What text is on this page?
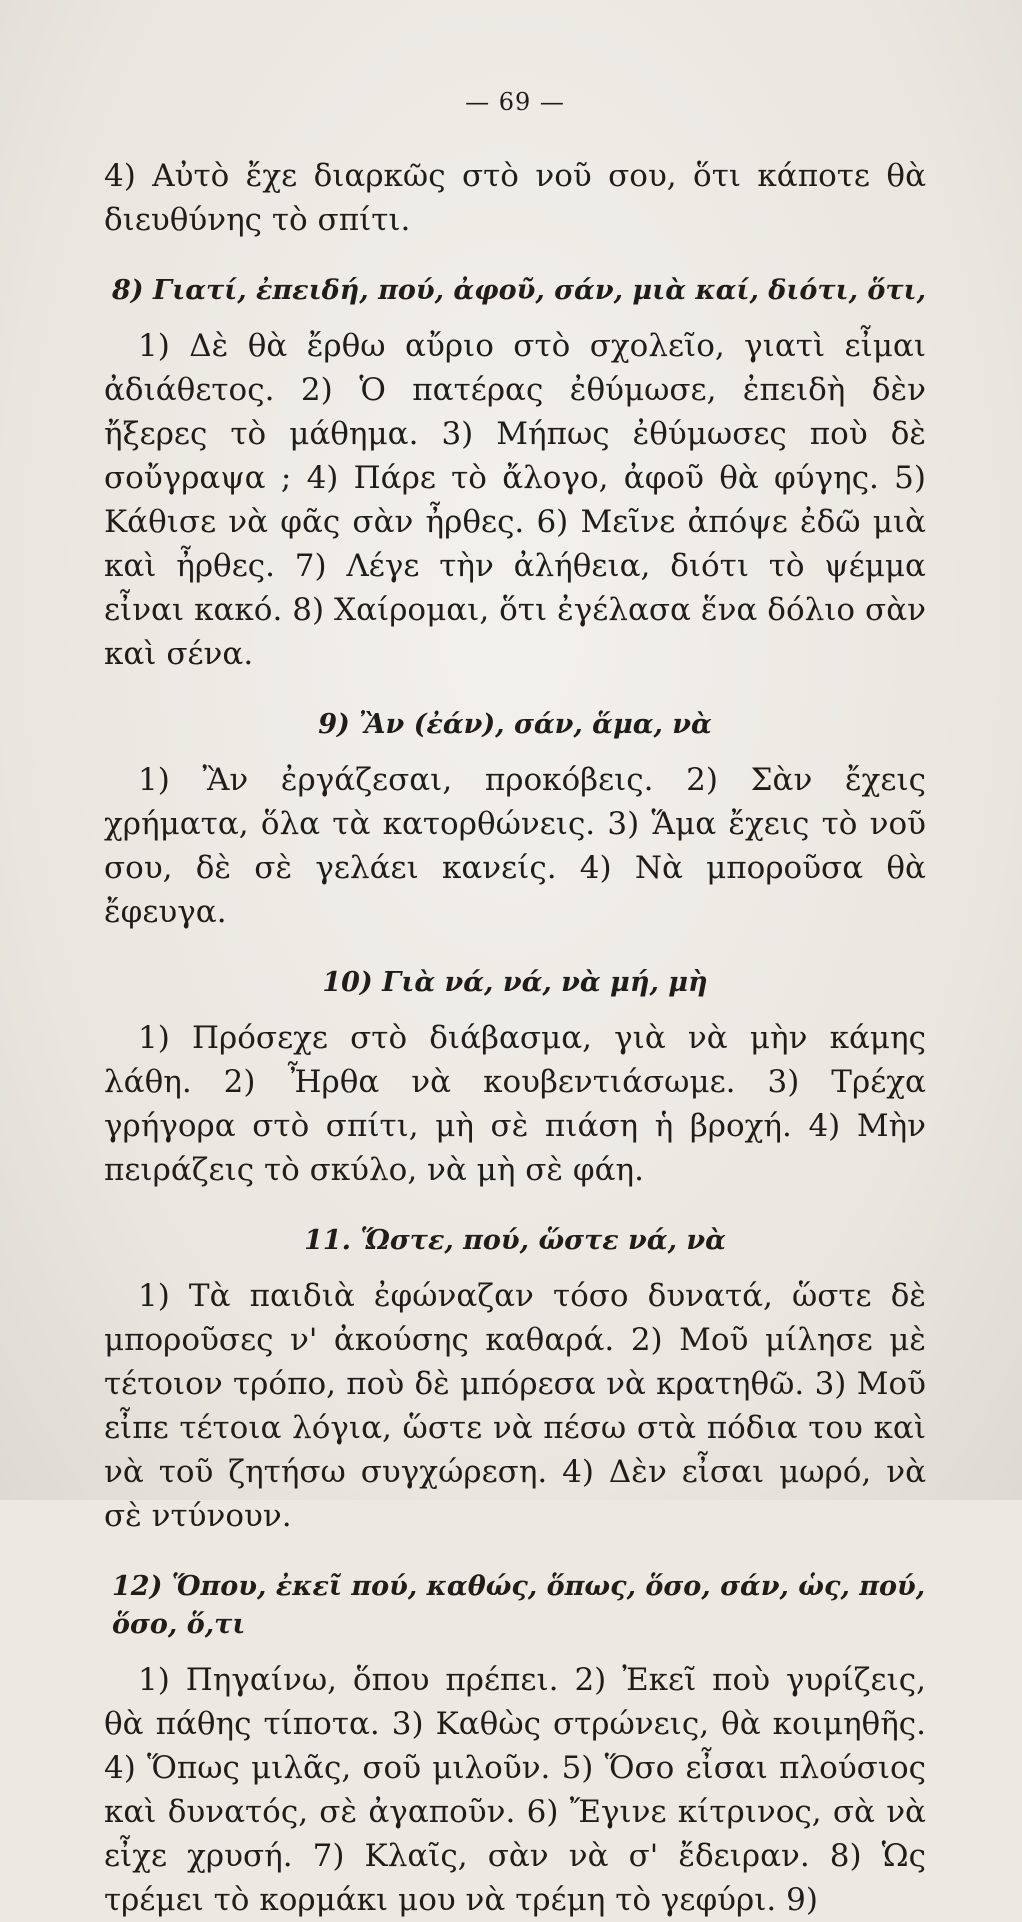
— 69 —

4) Αὐτὸ ἔχε διαρκῶς στὸ νοῦ σου, ὅτι κάποτε θὰ διευθύνης τὸ σπίτι.

8) Γιατί, ἐπειδή, πού, ἀφοῦ, σάν, μιὰ καί, διότι, ὅτι,

1) Δὲ θὰ ἔρθω αὔριο στὸ σχολεῖο, γιατὶ εἶμαι ἀδιάθετος. 2) Ὁ πατέρας ἐθύμωσε, ἐπειδὴ δὲν ἤξερες τὸ μάθημα. 3) Μήπως ἐθύμωσες ποὺ δὲ σοὔγραψα ; 4) Πάρε τὸ ἄλογο, ἀφοῦ θὰ φύγης. 5) Κάθισε νὰ φᾶς σὰν ἦρθες. 6) Μεῖνε ἀπόψε ἐδῶ μιὰ καὶ ἦρθες. 7) Λέγε τὴν ἀλήθεια, διότι τὸ ψέμμα εἶναι κακό. 8) Χαίρομαι, ὅτι ἐγέλασα ἕνα δόλιο σὰν καὶ σένα.

9) Ἂν (ἐάν), σάν, ἅμα, νὰ

1) Ἂν ἐργάζεσαι, προκόβεις. 2) Σὰν ἔχεις χρήματα, ὅλα τὰ κατορθώνεις. 3) Ἅμα ἔχεις τὸ νοῦ σου, δὲ σὲ γελάει κανείς. 4) Νὰ μποροῦσα θὰ ἔφευγα.

10) Γιὰ νά, νά, νὰ μή, μὴ

1) Πρόσεχε στὸ διάβασμα, γιὰ νὰ μὴν κάμης λάθη. 2) Ἦρθα νὰ κουβεντιάσωμε. 3) Τρέχα γρήγορα στὸ σπίτι, μὴ σὲ πιάση ἡ βροχή. 4) Μὴν πειράζεις τὸ σκύλο, νὰ μὴ σὲ φάη.

11. Ὥστε, πού, ὥστε νά, νὰ

1) Τὰ παιδιὰ ἐφώναζαν τόσο δυνατά, ὥστε δὲ μποροῦσες ν' ἀκούσης καθαρά. 2) Μοῦ μίλησε μὲ τέτοιον τρόπο, ποὺ δὲ μπόρεσα νὰ κρατηθῶ. 3) Μοῦ εἶπε τέτοια λόγια, ὥστε νὰ πέσω στὰ πόδια του καὶ νὰ τοῦ ζητήσω συγχώρεση. 4) Δὲν εἶσαι μωρό, νὰ σὲ ντύνουν.

12) Ὅπου, ἐκεῖ πού, καθώς, ὅπως, ὅσο, σάν, ὡς, πού, ὅσο, ὅ,τι

1) Πηγαίνω, ὅπου πρέπει. 2) Ἐκεῖ ποὺ γυρίζεις, θὰ πάθης τίποτα. 3) Καθὼς στρώνεις, θὰ κοιμηθῆς. 4) Ὅπως μιλᾶς, σοῦ μιλοῦν. 5) Ὅσο εἶσαι πλούσιος καὶ δυνατός, σὲ ἀγαποῦν. 6) Ἔγινε κίτρινος, σὰ νὰ εἶχε χρυσή. 7) Κλαῖς, σὰν νὰ σ' ἔδειραν. 8) Ὡς τρέμει τὸ κορμάκι μου νὰ τρέμη τὸ γεφύρι. 9)
